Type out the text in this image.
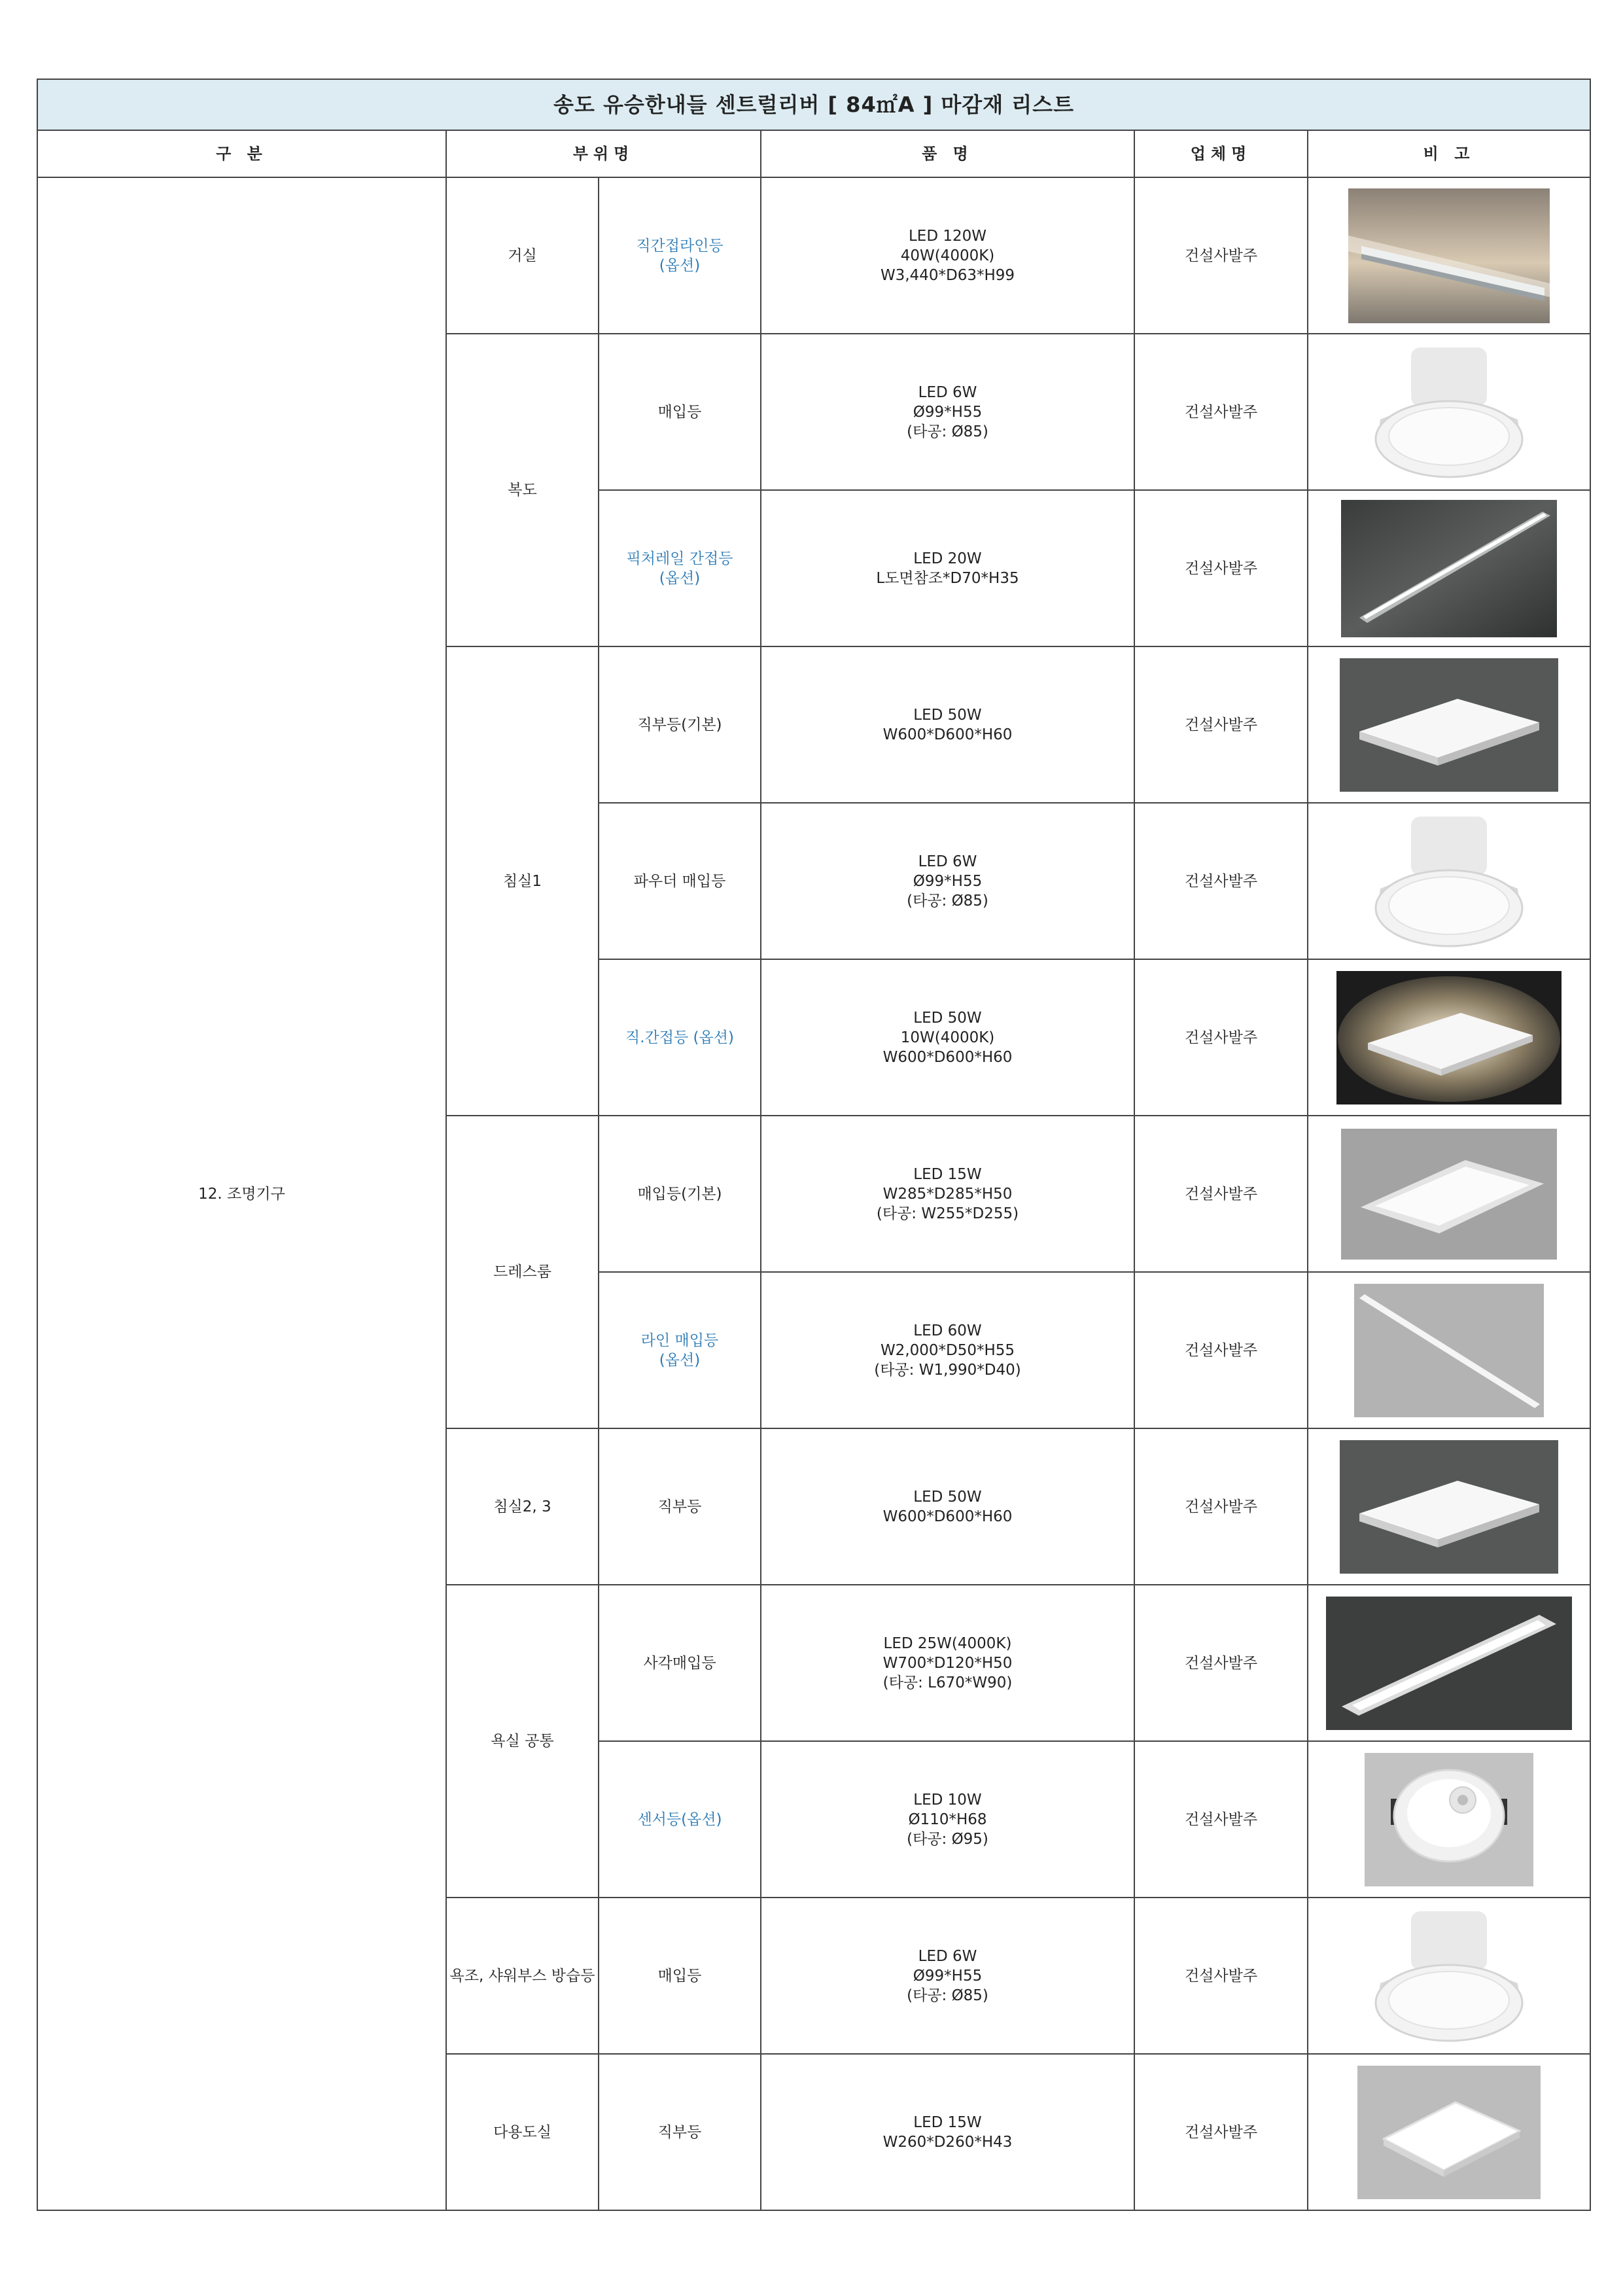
송도 유승한내들 센트럴리버 [ 84㎡A ] 마감재 리스트					
구 분	부위명		품 명	업체명	비 고
12. 조명기구	거실	직간접라인등
(옵션)	LED 120W
40W(4000K)
W3,440*D63*H99	건설사발주	

	복도	매입등	LED 6W
Ø99*H55
(타공: Ø85)	건설사발주	

		픽처레일 간접등
(옵션)	LED 20W
L도면참조*D70*H35	건설사발주	

	침실1	직부등(기본)	LED 50W
W600*D600*H60	건설사발주	

		파우더 매입등	LED 6W
Ø99*H55
(타공: Ø85)	건설사발주	

		직.간접등 (옵션)	LED 50W
10W(4000K)
W600*D600*H60	건설사발주	

	드레스룸	매입등(기본)	LED 15W
W285*D285*H50
(타공: W255*D255)	건설사발주	

		라인 매입등
(옵션)	LED 60W
W2,000*D50*H55
(타공: W1,990*D40)	건설사발주	

	침실2, 3	직부등	LED 50W
W600*D600*H60	건설사발주	

	욕실 공통	사각매입등	LED 25W(4000K)
W700*D120*H50
(타공: L670*W90)	건설사발주	

		센서등(옵션)	LED 10W
Ø110*H68
(타공: Ø95)	건설사발주	

	욕조, 샤워부스 방습등	매입등	LED 6W
Ø99*H55
(타공: Ø85)	건설사발주	

	다용도실	직부등	LED 15W
W260*D260*H43	건설사발주	
